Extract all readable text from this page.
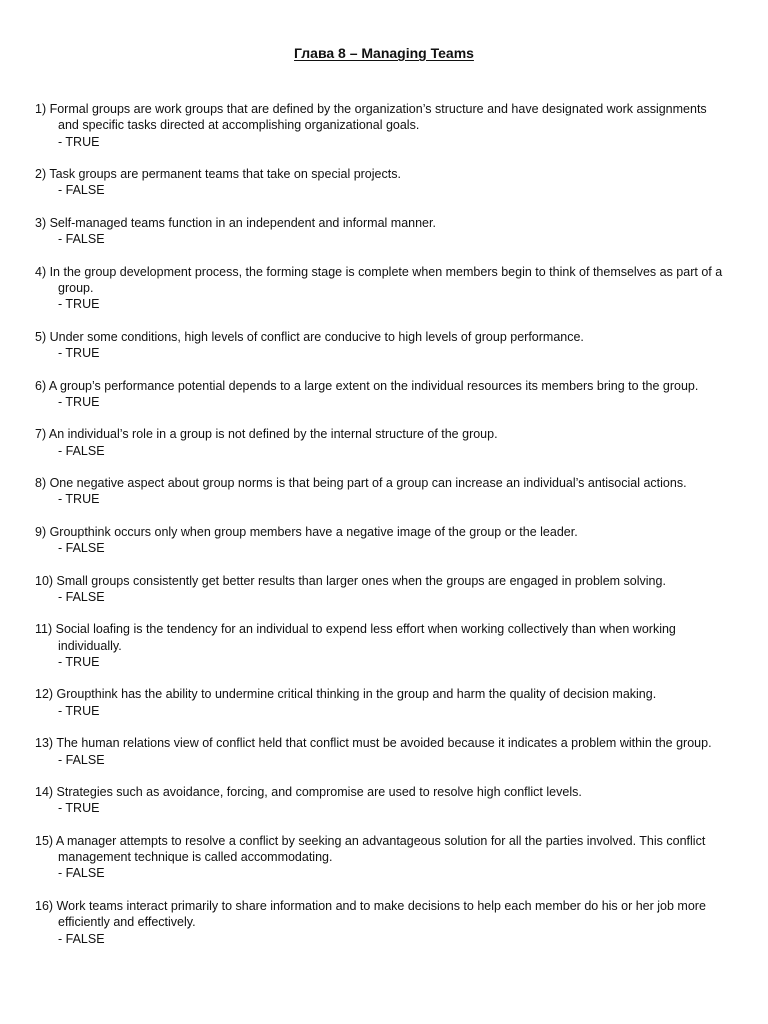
Глава 8 – Managing Teams
1) Formal groups are work groups that are defined by the organization’s structure and have designated work assignments and specific tasks directed at accomplishing organizational goals.
- TRUE
2) Task groups are permanent teams that take on special projects.
- FALSE
3) Self-managed teams function in an independent and informal manner.
- FALSE
4) In the group development process, the forming stage is complete when members begin to think of themselves as part of a group.
- TRUE
5) Under some conditions, high levels of conflict are conducive to high levels of group performance.
- TRUE
6) A group’s performance potential depends to a large extent on the individual resources its members bring to the group.
- TRUE
7) An individual’s role in a group is not defined by the internal structure of the group.
- FALSE
8) One negative aspect about group norms is that being part of a group can increase an individual’s antisocial actions.
- TRUE
9) Groupthink occurs only when group members have a negative image of the group or the leader.
- FALSE
10) Small groups consistently get better results than larger ones when the groups are engaged in problem solving.
- FALSE
11) Social loafing is the tendency for an individual to expend less effort when working collectively than when working individually.
- TRUE
12) Groupthink has the ability to undermine critical thinking in the group and harm the quality of decision making.
- TRUE
13) The human relations view of conflict held that conflict must be avoided because it indicates a problem within the group.
- FALSE
14) Strategies such as avoidance, forcing, and compromise are used to resolve high conflict levels.
- TRUE
15) A manager attempts to resolve a conflict by seeking an advantageous solution for all the parties involved. This conflict management technique is called accommodating.
- FALSE
16) Work teams interact primarily to share information and to make decisions to help each member do his or her job more efficiently and effectively.
- FALSE
